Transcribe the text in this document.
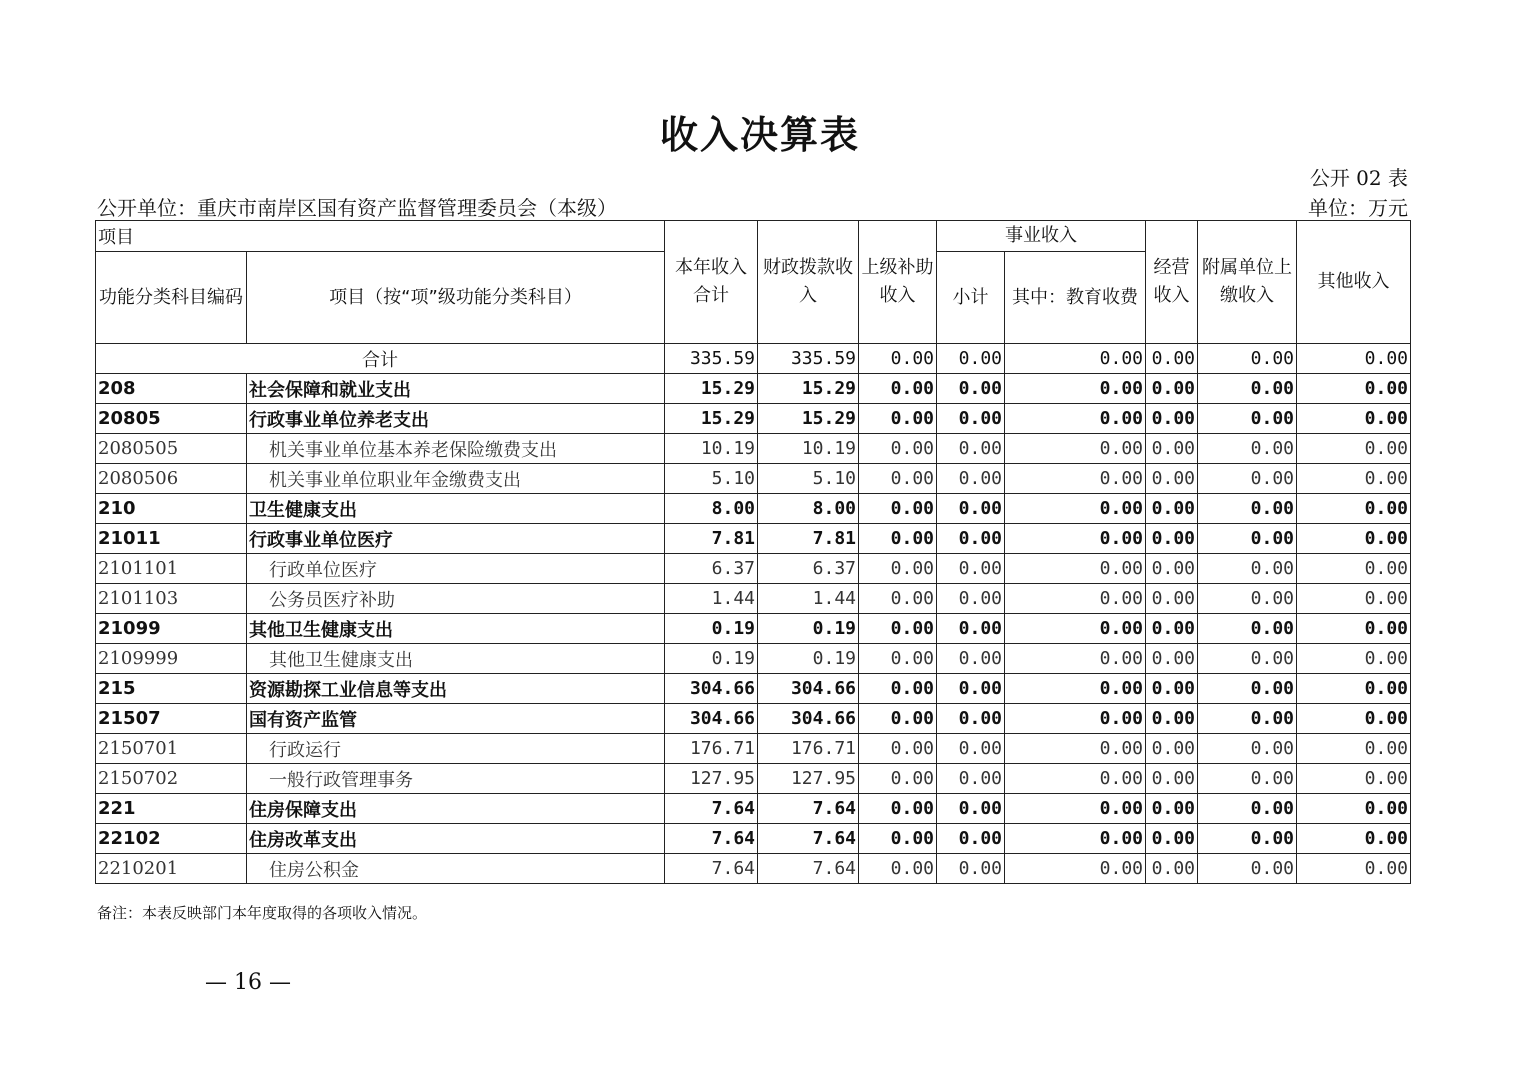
收入决算表
公开 02 表
公开单位：重庆市南岸区国有资产监督管理委员会（本级）	单位：万元
项目		本年收入合计	财政拨款收入	上级补助收入	事业收入		经营收入	附属单位上缴收入	其他收入
功能分类科目编码	项目（按“项”级功能分类科目）				小计	其中：教育收费			
合计		335.59	335.59	0.00	0.00	0.00	0.00	0.00	0.00
208	社会保障和就业支出	15.29	15.29	0.00	0.00	0.00	0.00	0.00	0.00
20805	行政事业单位养老支出	15.29	15.29	0.00	0.00	0.00	0.00	0.00	0.00
2080505	机关事业单位基本养老保险缴费支出	10.19	10.19	0.00	0.00	0.00	0.00	0.00	0.00
2080506	机关事业单位职业年金缴费支出	5.10	5.10	0.00	0.00	0.00	0.00	0.00	0.00
210	卫生健康支出	8.00	8.00	0.00	0.00	0.00	0.00	0.00	0.00
21011	行政事业单位医疗	7.81	7.81	0.00	0.00	0.00	0.00	0.00	0.00
2101101	行政单位医疗	6.37	6.37	0.00	0.00	0.00	0.00	0.00	0.00
2101103	公务员医疗补助	1.44	1.44	0.00	0.00	0.00	0.00	0.00	0.00
21099	其他卫生健康支出	0.19	0.19	0.00	0.00	0.00	0.00	0.00	0.00
2109999	其他卫生健康支出	0.19	0.19	0.00	0.00	0.00	0.00	0.00	0.00
215	资源勘探工业信息等支出	304.66	304.66	0.00	0.00	0.00	0.00	0.00	0.00
21507	国有资产监管	304.66	304.66	0.00	0.00	0.00	0.00	0.00	0.00
2150701	行政运行	176.71	176.71	0.00	0.00	0.00	0.00	0.00	0.00
2150702	一般行政管理事务	127.95	127.95	0.00	0.00	0.00	0.00	0.00	0.00
221	住房保障支出	7.64	7.64	0.00	0.00	0.00	0.00	0.00	0.00
22102	住房改革支出	7.64	7.64	0.00	0.00	0.00	0.00	0.00	0.00
2210201	住房公积金	7.64	7.64	0.00	0.00	0.00	0.00	0.00	0.00
备注：本表反映部门本年度取得的各项收入情况。
— 16 —
